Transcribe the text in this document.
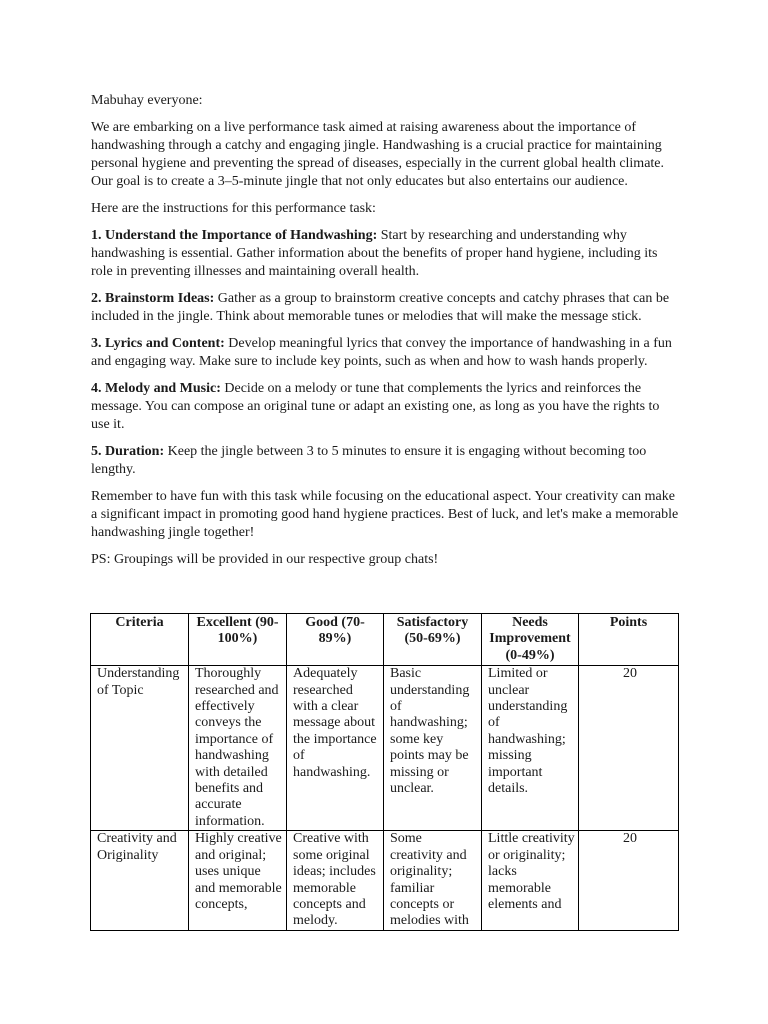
Mabuhay everyone:

We are embarking on a live performance task aimed at raising awareness about the importance of handwashing through a catchy and engaging jingle. Handwashing is a crucial practice for maintaining personal hygiene and preventing the spread of diseases, especially in the current global health climate. Our goal is to create a 3–5-minute jingle that not only educates but also entertains our audience.

Here are the instructions for this performance task:

1. Understand the Importance of Handwashing: Start by researching and understanding why handwashing is essential. Gather information about the benefits of proper hand hygiene, including its role in preventing illnesses and maintaining overall health.

2. Brainstorm Ideas: Gather as a group to brainstorm creative concepts and catchy phrases that can be included in the jingle. Think about memorable tunes or melodies that will make the message stick.

3. Lyrics and Content: Develop meaningful lyrics that convey the importance of handwashing in a fun and engaging way. Make sure to include key points, such as when and how to wash hands properly.

4. Melody and Music: Decide on a melody or tune that complements the lyrics and reinforces the message. You can compose an original tune or adapt an existing one, as long as you have the rights to use it.

5. Duration: Keep the jingle between 3 to 5 minutes to ensure it is engaging without becoming too lengthy.

Remember to have fun with this task while focusing on the educational aspect. Your creativity can make a significant impact in promoting good hand hygiene practices. Best of luck, and let's make a memorable handwashing jingle together!

PS: Groupings will be provided in our respective group chats!

Criteria	Excellent (90-100%)	Good (70-89%)	Satisfactory (50-69%)	Needs Improvement (0-49%)	Points
Understanding of Topic	Thoroughly researched and effectively conveys the importance of handwashing with detailed benefits and accurate information.	Adequately researched with a clear message about the importance of handwashing.	Basic understanding of handwashing; some key points may be missing or unclear.	Limited or unclear understanding of handwashing; missing important details.	20
Creativity and Originality	Highly creative and original; uses unique and memorable concepts,	Creative with some original ideas; includes memorable concepts and melody.	Some creativity and originality; familiar concepts or melodies with	Little creativity or originality; lacks memorable elements and	20
